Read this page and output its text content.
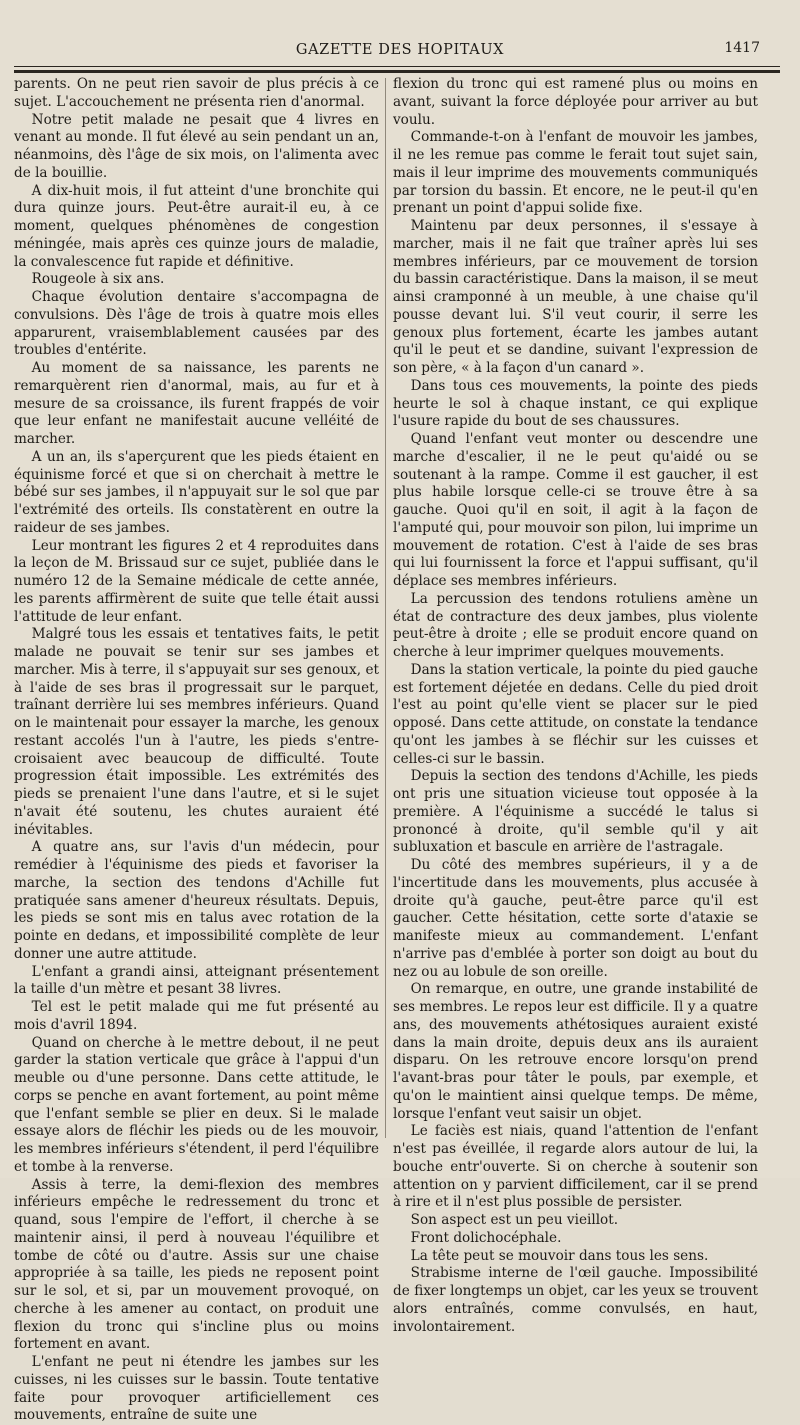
GAZETTE DES HOPITAUX	1417

parents. On ne peut rien savoir de plus précis à ce sujet. L'accouchement ne présenta rien d'anormal.

Notre petit malade ne pesait que 4 livres en venant au monde. Il fut élevé au sein pendant un an, néanmoins, dès l'âge de six mois, on l'alimenta avec de la bouillie.

A dix-huit mois, il fut atteint d'une bronchite qui dura quinze jours. Peut-être aurait-il eu, à ce moment, quelques phénomènes de congestion méningée, mais après ces quinze jours de maladie, la convalescence fut rapide et définitive.

Rougeole à six ans.

Chaque évolution dentaire s'accompagna de convulsions. Dès l'âge de trois à quatre mois elles apparurent, vraisemblablement causées par des troubles d'entérite.

Au moment de sa naissance, les parents ne remarquèrent rien d'anormal, mais, au fur et à mesure de sa croissance, ils furent frappés de voir que leur enfant ne manifestait aucune velléité de marcher.

A un an, ils s'aperçurent que les pieds étaient en équinisme forcé et que si on cherchait à mettre le bébé sur ses jambes, il n'appuyait sur le sol que par l'extrémité des orteils. Ils constatèrent en outre la raideur de ses jambes.

Leur montrant les figures 2 et 4 reproduites dans la leçon de M. Brissaud sur ce sujet, publiée dans le numéro 12 de la Semaine médicale de cette année, les parents affirmèrent de suite que telle était aussi l'attitude de leur enfant.

Malgré tous les essais et tentatives faits, le petit malade ne pouvait se tenir sur ses jambes et marcher. Mis à terre, il s'appuyait sur ses genoux, et à l'aide de ses bras il progressait sur le parquet, traînant derrière lui ses membres inférieurs. Quand on le maintenait pour essayer la marche, les genoux restant accolés l'un à l'autre, les pieds s'entre-croisaient avec beaucoup de difficulté. Toute progression était impossible. Les extrémités des pieds se prenaient l'une dans l'autre, et si le sujet n'avait été soutenu, les chutes auraient été inévitables.

A quatre ans, sur l'avis d'un médecin, pour remédier à l'équinisme des pieds et favoriser la marche, la section des tendons d'Achille fut pratiquée sans amener d'heureux résultats. Depuis, les pieds se sont mis en talus avec rotation de la pointe en dedans, et impossibilité complète de leur donner une autre attitude.

L'enfant a grandi ainsi, atteignant présentement la taille d'un mètre et pesant 38 livres.

Tel est le petit malade qui me fut présenté au mois d'avril 1894.

Quand on cherche à le mettre debout, il ne peut garder la station verticale que grâce à l'appui d'un meuble ou d'une personne. Dans cette attitude, le corps se penche en avant fortement, au point même que l'enfant semble se plier en deux. Si le malade essaye alors de fléchir les pieds ou de les mouvoir, les membres inférieurs s'étendent, il perd l'équilibre et tombe à la renverse.

Assis à terre, la demi-flexion des membres inférieurs empêche le redressement du tronc et quand, sous l'empire de l'effort, il cherche à se maintenir ainsi, il perd à nouveau l'équilibre et tombe de côté ou d'autre. Assis sur une chaise appropriée à sa taille, les pieds ne reposent point sur le sol, et si, par un mouvement provoqué, on cherche à les amener au contact, on produit une flexion du tronc qui s'incline plus ou moins fortement en avant.

L'enfant ne peut ni étendre les jambes sur les cuisses, ni les cuisses sur le bassin. Toute tentative faite pour provoquer artificiellement ces mouvements, entraîne de suite une

flexion du tronc qui est ramené plus ou moins en avant, suivant la force déployée pour arriver au but voulu.

Commande-t-on à l'enfant de mouvoir les jambes, il ne les remue pas comme le ferait tout sujet sain, mais il leur imprime des mouvements communiqués par torsion du bassin. Et encore, ne le peut-il qu'en prenant un point d'appui solide fixe.

Maintenu par deux personnes, il s'essaye à marcher, mais il ne fait que traîner après lui ses membres inférieurs, par ce mouvement de torsion du bassin caractéristique. Dans la maison, il se meut ainsi cramponné à un meuble, à une chaise qu'il pousse devant lui. S'il veut courir, il serre les genoux plus fortement, écarte les jambes autant qu'il le peut et se dandine, suivant l'expression de son père, « à la façon d'un canard ».

Dans tous ces mouvements, la pointe des pieds heurte le sol à chaque instant, ce qui explique l'usure rapide du bout de ses chaussures.

Quand l'enfant veut monter ou descendre une marche d'escalier, il ne le peut qu'aidé ou se soutenant à la rampe. Comme il est gaucher, il est plus habile lorsque celle-ci se trouve être à sa gauche. Quoi qu'il en soit, il agit à la façon de l'amputé qui, pour mouvoir son pilon, lui imprime un mouvement de rotation. C'est à l'aide de ses bras qui lui fournissent la force et l'appui suffisant, qu'il déplace ses membres inférieurs.

La percussion des tendons rotuliens amène un état de contracture des deux jambes, plus violente peut-être à droite ; elle se produit encore quand on cherche à leur imprimer quelques mouvements.

Dans la station verticale, la pointe du pied gauche est fortement déjetée en dedans. Celle du pied droit l'est au point qu'elle vient se placer sur le pied opposé. Dans cette attitude, on constate la tendance qu'ont les jambes à se fléchir sur les cuisses et celles-ci sur le bassin.

Depuis la section des tendons d'Achille, les pieds ont pris une situation vicieuse tout opposée à la première. A l'équinisme a succédé le talus si prononcé à droite, qu'il semble qu'il y ait subluxation et bascule en arrière de l'astragale.

Du côté des membres supérieurs, il y a de l'incertitude dans les mouvements, plus accusée à droite qu'à gauche, peut-être parce qu'il est gaucher. Cette hésitation, cette sorte d'ataxie se manifeste mieux au commandement. L'enfant n'arrive pas d'emblée à porter son doigt au bout du nez ou au lobule de son oreille.

On remarque, en outre, une grande instabilité de ses membres. Le repos leur est difficile. Il y a quatre ans, des mouvements athétosiques auraient existé dans la main droite, depuis deux ans ils auraient disparu. On les retrouve encore lorsqu'on prend l'avant-bras pour tâter le pouls, par exemple, et qu'on le maintient ainsi quelque temps. De même, lorsque l'enfant veut saisir un objet.

Le faciès est niais, quand l'attention de l'enfant n'est pas éveillée, il regarde alors autour de lui, la bouche entr'ouverte. Si on cherche à soutenir son attention on y parvient difficilement, car il se prend à rire et il n'est plus possible de persister.

Son aspect est un peu vieillot.

Front dolichocéphale.

La tête peut se mouvoir dans tous les sens.

Strabisme interne de l'œil gauche. Impossibilité de fixer longtemps un objet, car les yeux se trouvent alors entraînés, comme convulsés, en haut, involontairement.
